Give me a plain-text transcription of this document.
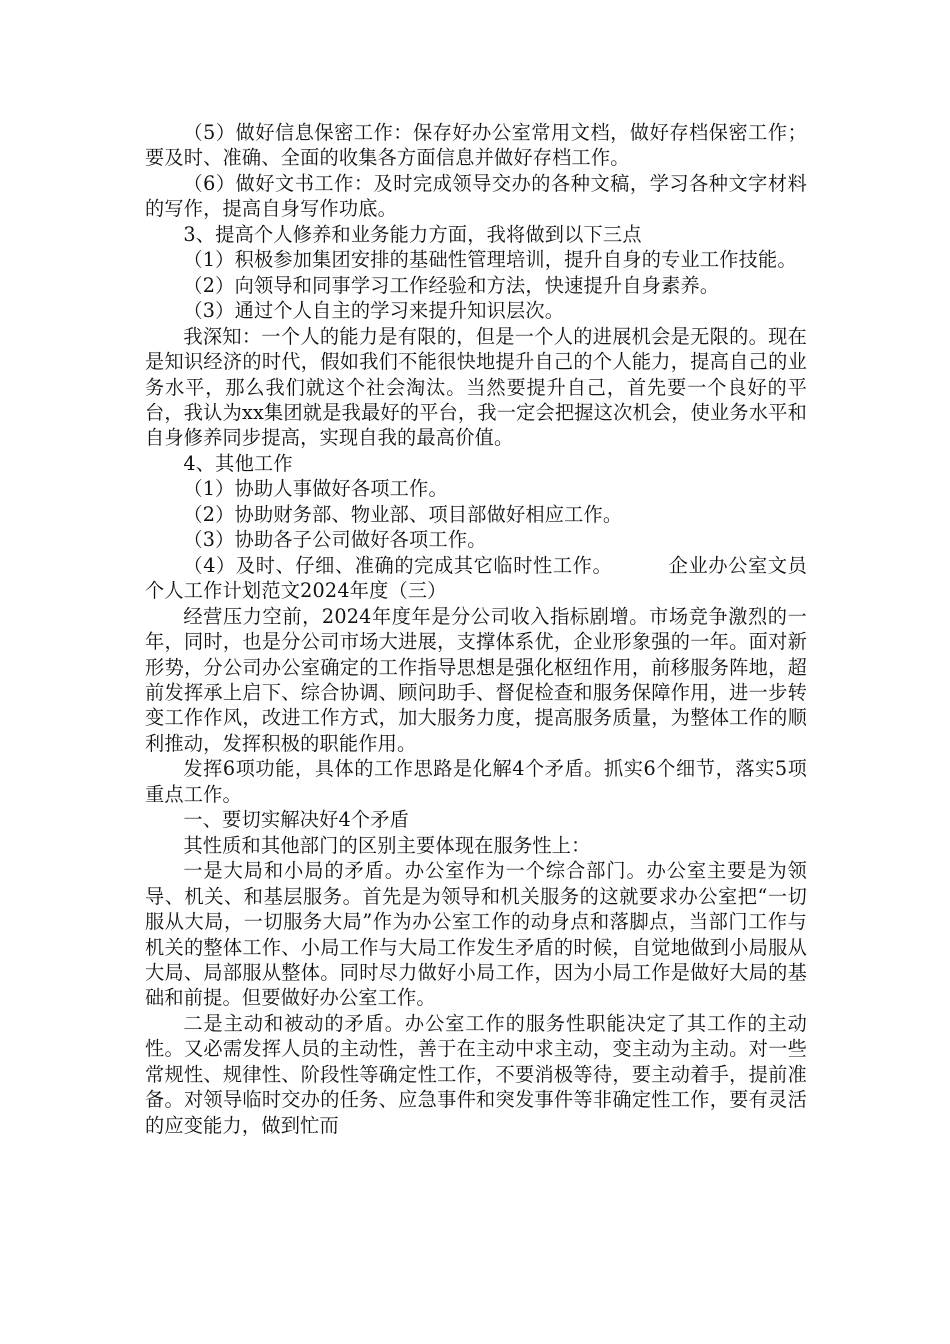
（5）做好信息保密工作：保存好办公室常用文档，做好存档保密工作；要及时、准确、全面的收集各方面信息并做好存档工作。

（6）做好文书工作：及时完成领导交办的各种文稿，学习各种文字材料的写作，提高自身写作功底。

3、提高个人修养和业务能力方面，我将做到以下三点

（1）积极参加集团安排的基础性管理培训，提升自身的专业工作技能。

（2）向领导和同事学习工作经验和方法，快速提升自身素养。

（3）通过个人自主的学习来提升知识层次。

我深知：一个人的能力是有限的，但是一个人的进展机会是无限的。现在是知识经济的时代，假如我们不能很快地提升自己的个人能力，提高自己的业务水平，那么我们就这个社会淘汰。当然要提升自己，首先要一个良好的平台，我认为xx集团就是我最好的平台，我一定会把握这次机会，使业务水平和自身修养同步提高，实现自我的最高价值。

4、其他工作

（1）协助人事做好各项工作。

（2）协助财务部、物业部、项目部做好相应工作。

（3）协助各子公司做好各项工作。

（4）及时、仔细、准确的完成其它临时性工作。	企业办公室文员个人工作计划范文2024年度（三）

经营压力空前，2024年度年是分公司收入指标剧增。市场竞争激烈的一年，同时，也是分公司市场大进展，支撑体系优，企业形象强的一年。面对新形势，分公司办公室确定的工作指导思想是强化枢纽作用，前移服务阵地，超前发挥承上启下、综合协调、顾问助手、督促检查和服务保障作用，进一步转变工作作风，改进工作方式，加大服务力度，提高服务质量，为整体工作的顺利推动，发挥积极的职能作用。

发挥6项功能，具体的工作思路是化解4个矛盾。抓实6个细节，落实5项重点工作。

一、要切实解决好4个矛盾

其性质和其他部门的区别主要体现在服务性上：

一是大局和小局的矛盾。办公室作为一个综合部门。办公室主要是为领导、机关、和基层服务。首先是为领导和机关服务的这就要求办公室把“一切服从大局，一切服务大局”作为办公室工作的动身点和落脚点，当部门工作与机关的整体工作、小局工作与大局工作发生矛盾的时候，自觉地做到小局服从大局、局部服从整体。同时尽力做好小局工作，因为小局工作是做好大局的基础和前提。但要做好办公室工作。

二是主动和被动的矛盾。办公室工作的服务性职能决定了其工作的主动性。又必需发挥人员的主动性，善于在主动中求主动，变主动为主动。对一些常规性、规律性、阶段性等确定性工作，不要消极等待，要主动着手，提前准备。对领导临时交办的任务、应急事件和突发事件等非确定性工作，要有灵活的应变能力，做到忙而
